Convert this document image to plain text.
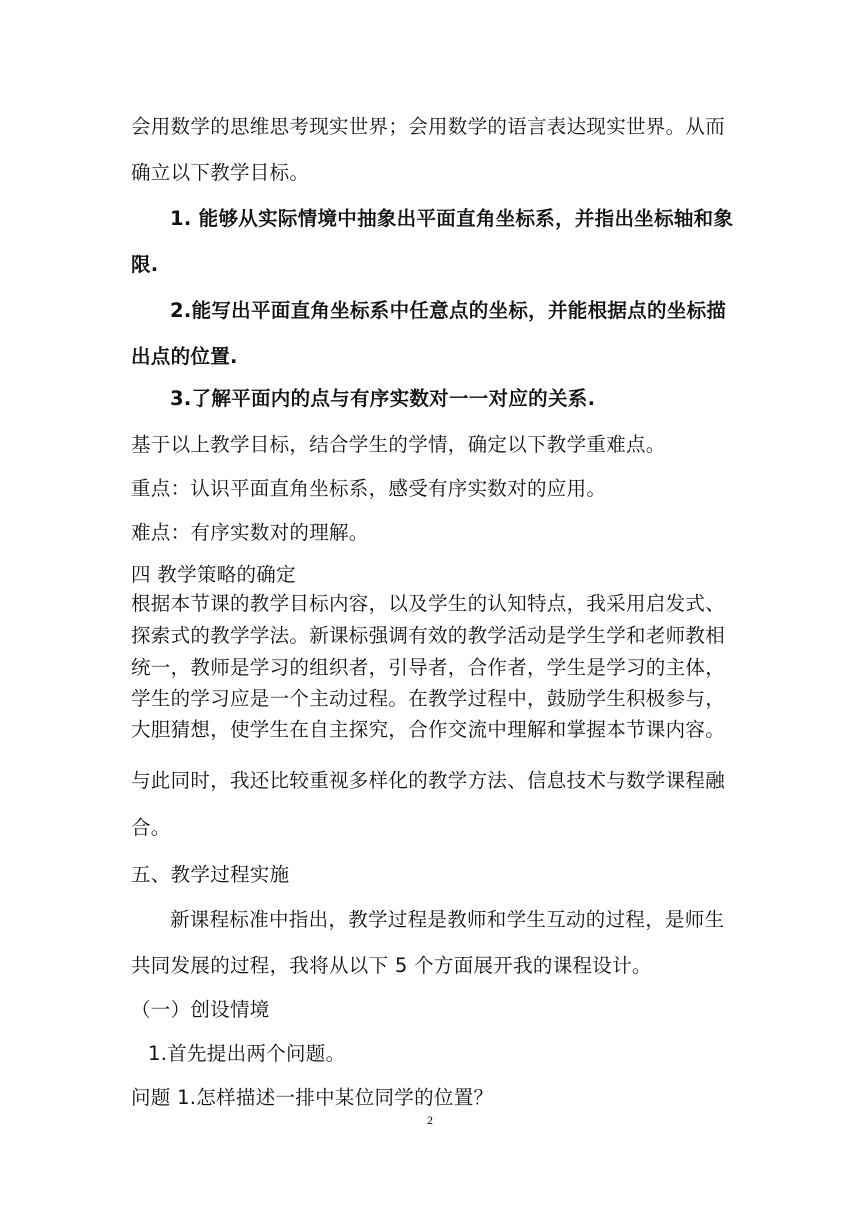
会用数学的思维思考现实世界；会用数学的语言表达现实世界。从而
确立以下教学目标。
1. 能够从实际情境中抽象出平面直角坐标系，并指出坐标轴和象
限.
2.能写出平面直角坐标系中任意点的坐标，并能根据点的坐标描
出点的位置.
3.了解平面内的点与有序实数对一一对应的关系.
基于以上教学目标，结合学生的学情，确定以下教学重难点。
重点：认识平面直角坐标系，感受有序实数对的应用。
难点：有序实数对的理解。
四 教学策略的确定
根据本节课的教学目标内容，以及学生的认知特点，我采用启发式、
探索式的教学学法。新课标强调有效的教学活动是学生学和老师教相
统一，教师是学习的组织者，引导者，合作者，学生是学习的主体，
学生的学习应是一个主动过程。在教学过程中，鼓励学生积极参与，
大胆猜想，使学生在自主探究，合作交流中理解和掌握本节课内容。
与此同时，我还比较重视多样化的教学方法、信息技术与数学课程融
合。
五、教学过程实施
新课程标准中指出，教学过程是教师和学生互动的过程，是师生
共同发展的过程，我将从以下 5 个方面展开我的课程设计。
（一）创设情境
1.首先提出两个问题。
问题 1.怎样描述一排中某位同学的位置？
2
